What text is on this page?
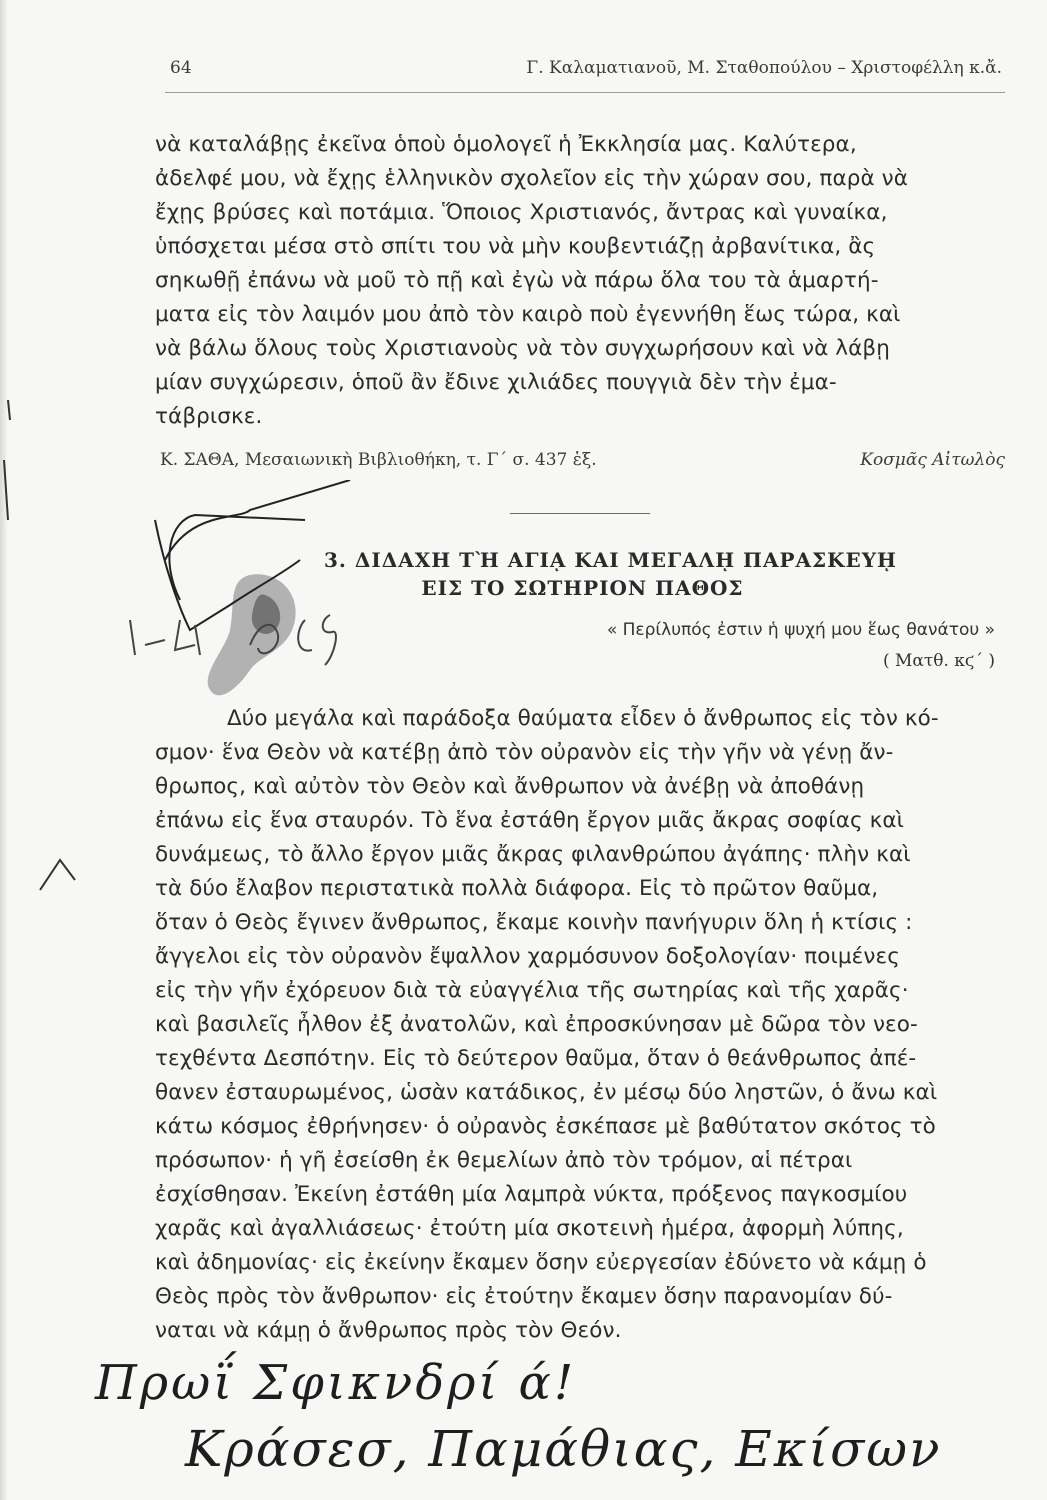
64	Γ. Καλαματιανοῦ, Μ. Σταθοπούλου – Χριστοφέλλη κ.ἄ.
νὰ καταλάβῃς ἐκεῖνα ὁποὺ ὁμολογεῖ ἡ Ἐκκλησία μας. Καλύτερα,
ἀδελφέ μου, νὰ ἔχῃς ἑλληνικὸν σχολεῖον εἰς τὴν χώραν σου, παρὰ νὰ
ἔχῃς βρύσες καὶ ποτάμια. Ὅποιος Χριστιανός, ἄντρας καὶ γυναίκα,
ὑπόσχεται μέσα στὸ σπίτι του νὰ μὴν κουβεντιάζῃ ἀρβανίτικα, ἂς
σηκωθῇ ἐπάνω νὰ μοῦ τὸ πῇ καὶ ἐγὼ νὰ πάρω ὅλα του τὰ ἁμαρτή-
ματα εἰς τὸν λαιμόν μου ἀπὸ τὸν καιρὸ ποὺ ἐγεννήθη ἕως τώρα, καὶ
νὰ βάλω ὅλους τοὺς Χριστιανοὺς νὰ τὸν συγχωρήσουν καὶ νὰ λάβῃ
μίαν συγχώρεσιν, ὁποῦ ἂν ἔδινε χιλιάδες πουγγιὰ δὲν τὴν ἐμα-
τάβρισκε.
Κ. ΣΑΘΑ, Μεσαιωνικὴ Βιβλιοθήκη, τ. Γ΄ σ. 437 ἑξ.	Κοσμᾶς Αἰτωλὸς
3. ΔΙΔΑΧΗ ΤῊ ΑΓΙᾼ ΚΑΙ ΜΕΓΑΛῌ ΠΑΡΑΣΚΕΥῌ
ΕΙΣ ΤΟ ΣΩΤΗΡΙΟΝ ΠΑΘΟΣ
« Περίλυπός ἐστιν ἡ ψυχή μου ἕως θανάτου »
( Ματθ. κϛ΄ )
Δύο μεγάλα καὶ παράδοξα θαύματα εἶδεν ὁ ἄνθρωπος εἰς τὸν κό-
σμον· ἕνα Θεὸν νὰ κατέβῃ ἀπὸ τὸν οὐρανὸν εἰς τὴν γῆν νὰ γένῃ ἄν-
θρωπος, καὶ αὐτὸν τὸν Θεὸν καὶ ἄνθρωπον νὰ ἀνέβῃ νὰ ἀποθάνῃ
ἐπάνω εἰς ἕνα σταυρόν. Τὸ ἕνα ἐστάθη ἔργον μιᾶς ἄκρας σοφίας καὶ
δυνάμεως, τὸ ἄλλο ἔργον μιᾶς ἄκρας φιλανθρώπου ἀγάπης· πλὴν καὶ
τὰ δύο ἔλαβον περιστατικὰ πολλὰ διάφορα. Εἰς τὸ πρῶτον θαῦμα,
ὅταν ὁ Θεὸς ἔγινεν ἄνθρωπος, ἔκαμε κοινὴν πανήγυριν ὅλη ἡ κτίσις :
ἄγγελοι εἰς τὸν οὐρανὸν ἔψαλλον χαρμόσυνον δοξολογίαν· ποιμένες
εἰς τὴν γῆν ἐχόρευον διὰ τὰ εὐαγγέλια τῆς σωτηρίας καὶ τῆς χαρᾶς·
καὶ βασιλεῖς ἦλθον ἐξ ἀνατολῶν, καὶ ἐπροσκύνησαν μὲ δῶρα τὸν νεο-
τεχθέντα Δεσπότην. Εἰς τὸ δεύτερον θαῦμα, ὅταν ὁ θεάνθρωπος ἀπέ-
θανεν ἐσταυρωμένος, ὡσὰν κατάδικος, ἐν μέσῳ δύο ληστῶν, ὁ ἄνω καὶ
κάτω κόσμος ἐθρήνησεν· ὁ οὐρανὸς ἐσκέπασε μὲ βαθύτατον σκότος τὸ
πρόσωπον· ἡ γῆ ἐσείσθη ἐκ θεμελίων ἀπὸ τὸν τρόμον, αἱ πέτραι
ἐσχίσθησαν. Ἐκείνη ἐστάθη μία λαμπρὰ νύκτα, πρόξενος παγκοσμίου
χαρᾶς καὶ ἀγαλλιάσεως· ἐτούτη μία σκοτεινὴ ἡμέρα, ἀφορμὴ λύπης,
καὶ ἀδημονίας· εἰς ἐκείνην ἔκαμεν ὅσην εὐεργεσίαν ἐδύνετο νὰ κάμῃ ὁ
Θεὸς πρὸς τὸν ἄνθρωπον· εἰς ἐτούτην ἔκαμεν ὅσην παρανομίαν δύ-
ναται νὰ κάμῃ ὁ ἄνθρωπος πρὸς τὸν Θεόν.
Πρωΐ Σφικνδρί ά!
Κράσεσ, Παμάθιας, Εκίσων
